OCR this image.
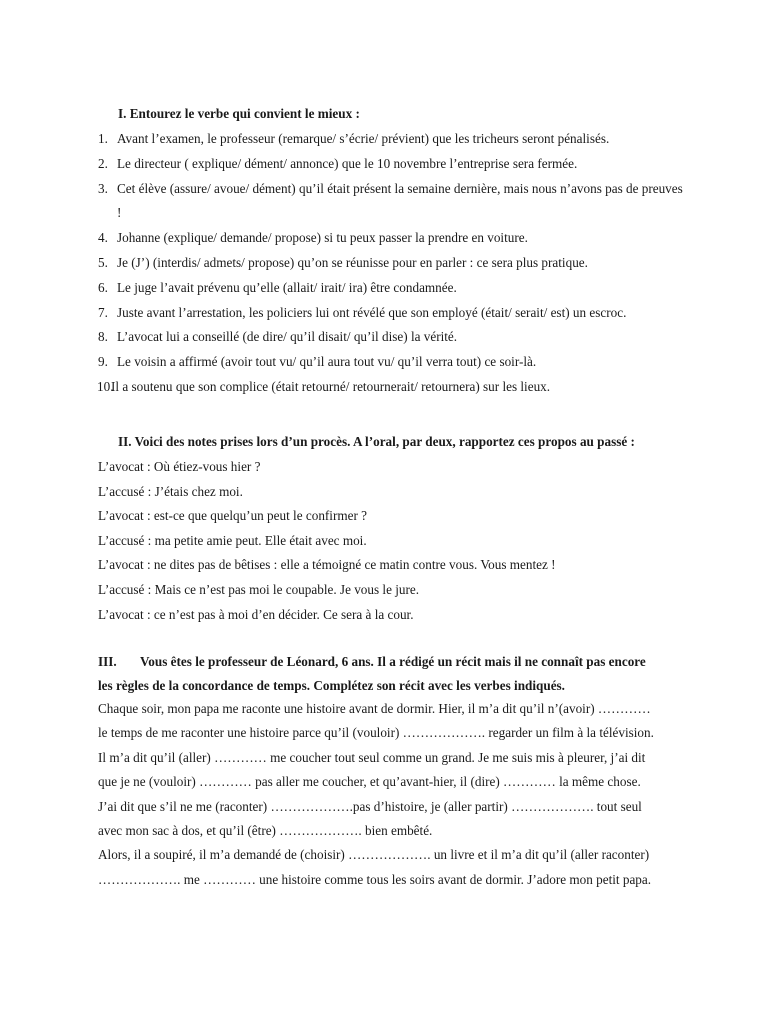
I. Entourez le verbe qui convient le mieux :
1. Avant l’examen, le professeur (remarque/ s’écrie/ prévient) que les tricheurs seront pénalisés.
2. Le directeur ( explique/ dément/ annonce) que le 10 novembre l’entreprise sera fermée.
3. Cet élève (assure/ avoue/ dément) qu’il était présent la semaine dernière, mais nous n’avons pas de preuves !
4. Johanne (explique/ demande/ propose) si tu peux passer la prendre en voiture.
5. Je (J’) (interdis/ admets/ propose) qu’on se réunisse pour en parler : ce sera plus pratique.
6. Le juge l’avait prévenu qu’elle (allait/ irait/ ira) être condamnée.
7. Juste avant l’arrestation, les policiers lui ont révélé que son employé (était/ serait/ est) un escroc.
8. L’avocat lui a conseillé (de dire/ qu’il disait/ qu’il dise) la vérité.
9. Le voisin a affirmé (avoir tout vu/ qu’il aura tout vu/ qu’il verra tout) ce soir-là.
10.
Il a soutenu que son complice (était retourné/ retournerait/ retournera) sur les lieux.
II. Voici des notes prises lors d’un procès. A l’oral, par deux, rapportez ces propos au passé :
L’avocat : Où étiez-vous hier ?
L’accusé : J’étais chez moi.
L’avocat : est-ce que quelqu’un peut le confirmer ?
L’accusé : ma petite amie peut. Elle était avec moi.
L’avocat : ne dites pas de bêtises : elle a témoigné ce matin contre vous. Vous mentez !
L’accusé : Mais ce n’est pas moi le coupable. Je vous le jure.
L’avocat : ce n’est pas à moi d’en décider. Ce sera à la cour.
III. Vous êtes le professeur de Léonard, 6 ans. Il a rédigé un récit mais il ne connaît pas encore
les règles de la concordance de temps. Complétez son récit avec les verbes indiqués.
Chaque soir, mon papa me raconte une histoire avant de dormir. Hier, il m’a dit qu’il n’(avoir) …………
le temps de me raconter une histoire parce qu’il (vouloir) ………………. regarder un film à la télévision.
Il m’a dit qu’il (aller) ………… me coucher tout seul comme un grand. Je me suis mis à pleurer, j’ai dit
que je ne (vouloir) ………… pas aller me coucher, et qu’avant-hier, il (dire) ………… la même chose.
J’ai dit que s’il ne me (raconter) ……………….pas d’histoire, je (aller partir) ………………. tout seul
avec mon sac à dos, et qu’il (être) ………………. bien embêté.
Alors, il a soupiré, il m’a demandé de (choisir) ………………. un livre et il m’a dit qu’il (aller raconter)
………………. me ………… une histoire comme tous les soirs avant de dormir. J’adore mon petit papa.
